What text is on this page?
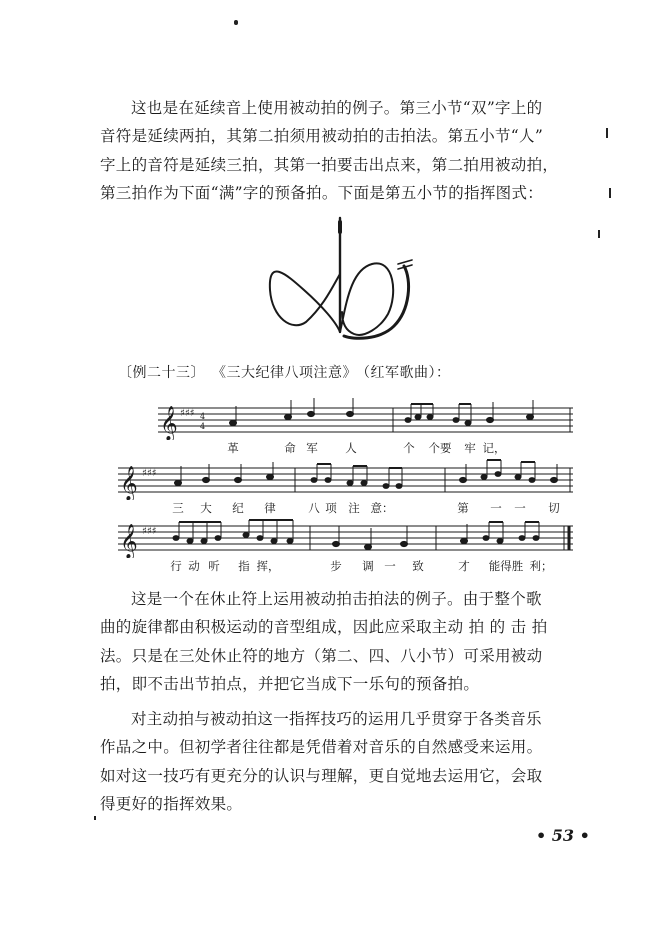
这也是在延续音上使用被动拍的例子。第三小节“双”字上的
音符是延续两拍，其第二拍须用被动拍的击拍法。第五小节“人”
字上的音符是延续三拍，其第一拍要击出点来，第二拍用被动拍，
第三拍作为下面“满”字的预备拍。下面是第五小节的指挥图式：

〔例二十三〕 《三大纪律八项注意》 （红军歌曲）：
𝄞 ♯♯♯ 4
4
革	命 军 人	个 个要 牢 记，
𝄞 ♯♯♯
三 大 纪 律	八 项 注 意：	第 一 一 切
𝄞 ♯♯♯
行 动 听 指 挥，	步 调 一 致	才 能得胜 利；

这是一个在休止符上运用被动拍击拍法的例子。由于整个歌
曲的旋律都由积极运动的音型组成，因此应采取主动 拍 的 击 拍
法。只是在三处休止符的地方（第二、四、八小节）可采用被动
拍，即不击出节拍点，并把它当成下一乐句的预备拍。

对主动拍与被动拍这一指挥技巧的运用几乎贯穿于各类音乐
作品之中。但初学者往往都是凭借着对音乐的自然感受来运用。
如对这一技巧有更充分的认识与理解，更自觉地去运用它，会取
得更好的指挥效果。

• 53 •
